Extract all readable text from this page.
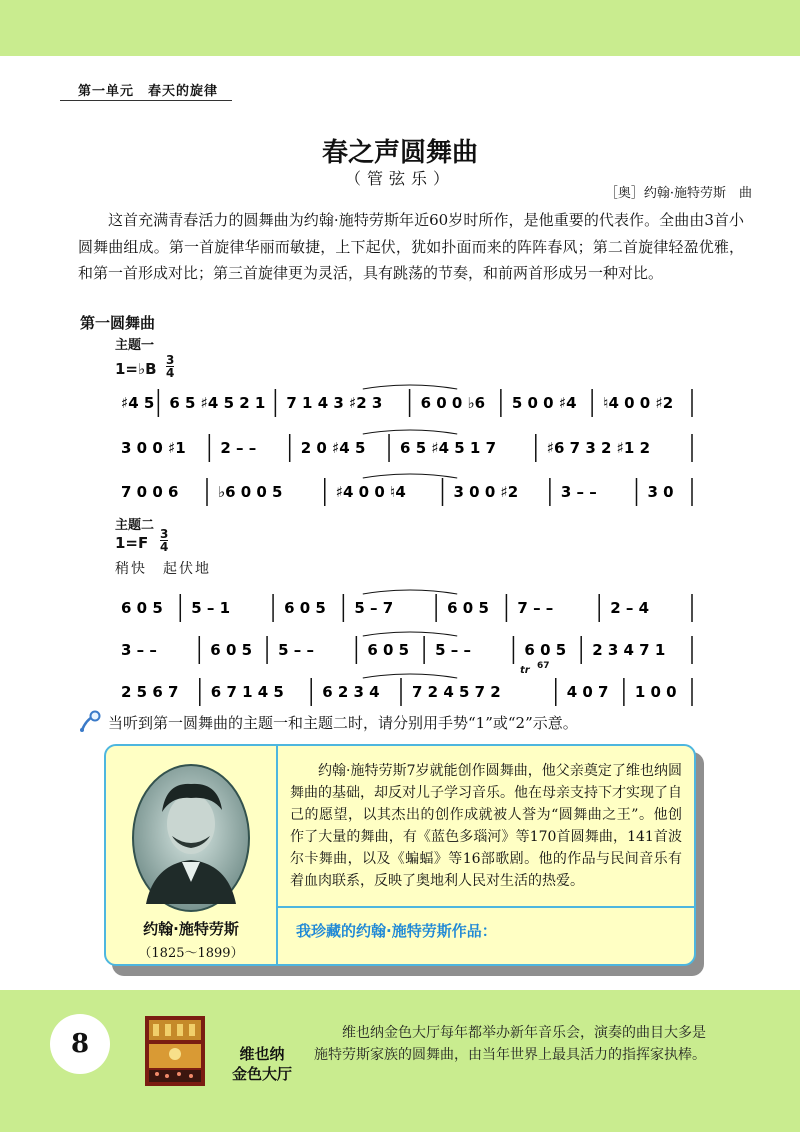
第一单元　春天的旋律
春之声圆舞曲
（管弦乐）
［奥］约翰·施特劳斯　曲
这首充满青春活力的圆舞曲为约翰·施特劳斯年近60岁时所作，是他重要的代表作。全曲由3首小圆舞曲组成。第一首旋律华丽而敏捷，上下起伏，犹如扑面而来的阵阵春风；第二首旋律轻盈优雅，和第一首形成对比；第三首旋律更为灵活，具有跳荡的节奏，和前两首形成另一种对比。
第一圆舞曲
主题一
1=♭B 3
4
♯4 5 6 5 ♯4 5 2 1 7 1 4 3 ♯2 3	6 0 0 ♭6 5 0 0 ♯4 ♮4 0 0 ♯2
3 0 0 ♯1 2 – –	2 0 ♯4 5 6 5 ♯4 5 1 7	♯6 7 3 2 ♯1 2
7 0 0 6	♭6 0 0 5	♯4 0 0 ♮4	3 0 0 ♯2	3 – –	3 0
主题二
1=F 3
4
稍快　起伏地
6 0 5 5 – 1	6 0 5 5 – 7	6 0 5 7 – –	2 – 4
3 – –	6 0 5 5 – –	6 0 5 5 – –	6 0 5 2 3 4 7 1
2 5 6 7 6 7 1 4 5	6 2 3 4 7 2 4 5 7 2	4 0 7 1 0 0
tr 67
当听到第一圆舞曲的主题一和主题二时，请分别用手势“1”或“2”示意。
约翰·施特劳斯
（1825～1899）
约翰·施特劳斯7岁就能创作圆舞曲，他父亲奠定了维也纳圆舞曲的基础，却反对儿子学习音乐。他在母亲支持下才实现了自己的愿望，以其杰出的创作成就被人誉为“圆舞曲之王”。他创作了大量的舞曲，有《蓝色多瑙河》等170首圆舞曲，141首波尔卡舞曲，以及《蝙蝠》等16部歌剧。他的作品与民间音乐有着血肉联系，反映了奥地利人民对生活的热爱。
我珍藏的约翰·施特劳斯作品：
8	维也纳
金色大厅
维也纳金色大厅每年都举办新年音乐会，演奏的曲目大多是施特劳斯家族的圆舞曲，由当年世界上最具活力的指挥家执棒。
